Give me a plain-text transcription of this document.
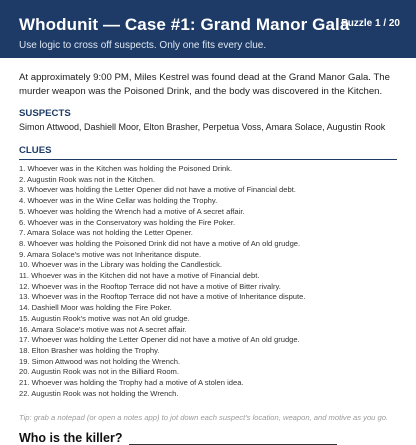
Whodunit — Case #1: Grand Manor Gala
Puzzle 1 / 20
Use logic to cross off suspects. Only one fits every clue.

At approximately 9:00 PM, Miles Kestrel was found dead at the Grand Manor Gala. The murder weapon was the Poisoned Drink, and the body was discovered in the Kitchen.

SUSPECTS

Simon Attwood, Dashiell Moor, Elton Brasher, Perpetua Voss, Amara Solace, Augustin Rook

CLUES
1. Whoever was in the Kitchen was holding the Poisoned Drink.
2. Augustin Rook was not in the Kitchen.
3. Whoever was holding the Letter Opener did not have a motive of Financial debt.
4. Whoever was in the Wine Cellar was holding the Trophy.
5. Whoever was holding the Wrench had a motive of A secret affair.
6. Whoever was in the Conservatory was holding the Fire Poker.
7. Amara Solace was not holding the Letter Opener.
8. Whoever was holding the Poisoned Drink did not have a motive of An old grudge.
9. Amara Solace's motive was not Inheritance dispute.
10. Whoever was in the Library was holding the Candlestick.
11. Whoever was in the Kitchen did not have a motive of Financial debt.
12. Whoever was in the Rooftop Terrace did not have a motive of Bitter rivalry.
13. Whoever was in the Rooftop Terrace did not have a motive of Inheritance dispute.
14. Dashiell Moor was holding the Fire Poker.
15. Augustin Rook's motive was not An old grudge.
16. Amara Solace's motive was not A secret affair.
17. Whoever was holding the Letter Opener did not have a motive of An old grudge.
18. Elton Brasher was holding the Trophy.
19. Simon Attwood was not holding the Wrench.
20. Augustin Rook was not in the Billiard Room.
21. Whoever was holding the Trophy had a motive of A stolen idea.
22. Augustin Rook was not holding the Wrench.

Tip: grab a notepad (or open a notes app) to jot down each suspect's location, weapon, and motive as you go.

Who is the killer?
